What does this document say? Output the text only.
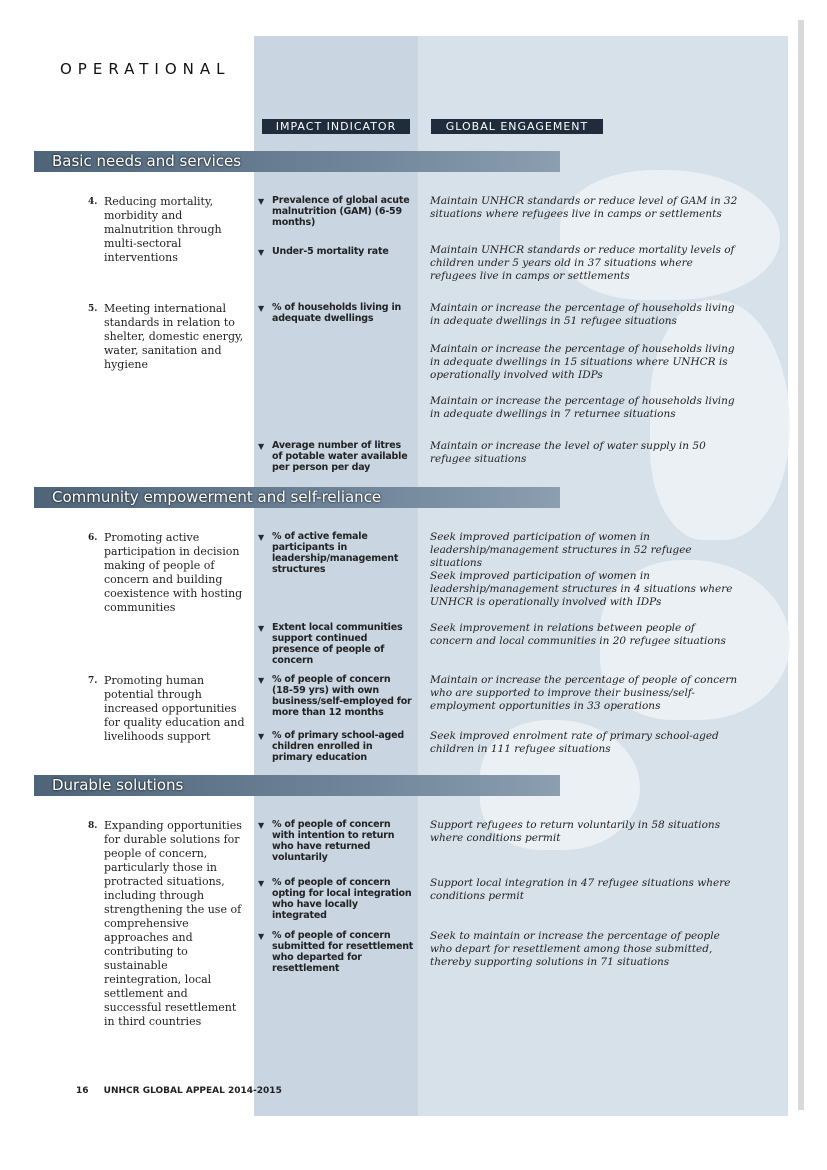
OPERATIONAL
IMPACT INDICATOR	GLOBAL ENGAGEMENT
Basic needs and services
4. Reducing mortality, morbidity and malnutrition through multi-sectoral interventions
▼ Prevalence of global acute malnutrition (GAM) (6-59 months)
▼ Under-5 mortality rate
Maintain UNHCR standards or reduce level of GAM in 32 situations where refugees live in camps or settlements
Maintain UNHCR standards or reduce mortality levels of children under 5 years old in 37 situations where refugees live in camps or settlements
5. Meeting international standards in relation to shelter, domestic energy, water, sanitation and hygiene
▼ % of households living in adequate dwellings
Maintain or increase the percentage of households living in adequate dwellings in 51 refugee situations
Maintain or increase the percentage of households living in adequate dwellings in 15 situations where UNHCR is operationally involved with IDPs
Maintain or increase the percentage of households living in adequate dwellings in 7 returnee situations
▼ Average number of litres of potable water available per person per day
Maintain or increase the level of water supply in 50 refugee situations
Community empowerment and self-reliance
6. Promoting active participation in decision making of people of concern and building coexistence with hosting communities
▼ % of active female participants in leadership/management structures
Seek improved participation of women in leadership/management structures in 52 refugee situations
Seek improved participation of women in leadership/management structures in 4 situations where UNHCR is operationally involved with IDPs
▼ Extent local communities support continued presence of people of concern
Seek improvement in relations between people of concern and local communities in 20 refugee situations
7. Promoting human potential through increased opportunities for quality education and livelihoods support
▼ % of people of concern (18-59 yrs) with own business/self-employed for more than 12 months
Maintain or increase the percentage of people of concern who are supported to improve their business/self-employment opportunities in 33 operations
▼ % of primary school-aged children enrolled in primary education
Seek improved enrolment rate of primary school-aged children in 111 refugee situations
Durable solutions
8. Expanding opportunities for durable solutions for people of concern, particularly those in protracted situations, including through strengthening the use of comprehensive approaches and contributing to sustainable reintegration, local settlement and successful resettlement in third countries
▼ % of people of concern with intention to return who have returned voluntarily
Support refugees to return voluntarily in 58 situations where conditions permit
▼ % of people of concern opting for local integration who have locally integrated
Support local integration in 47 refugee situations where conditions permit
▼ % of people of concern submitted for resettlement who departed for resettlement
Seek to maintain or increase the percentage of people who depart for resettlement among those submitted, thereby supporting solutions in 71 situations
16 UNHCR GLOBAL APPEAL 2014-2015
